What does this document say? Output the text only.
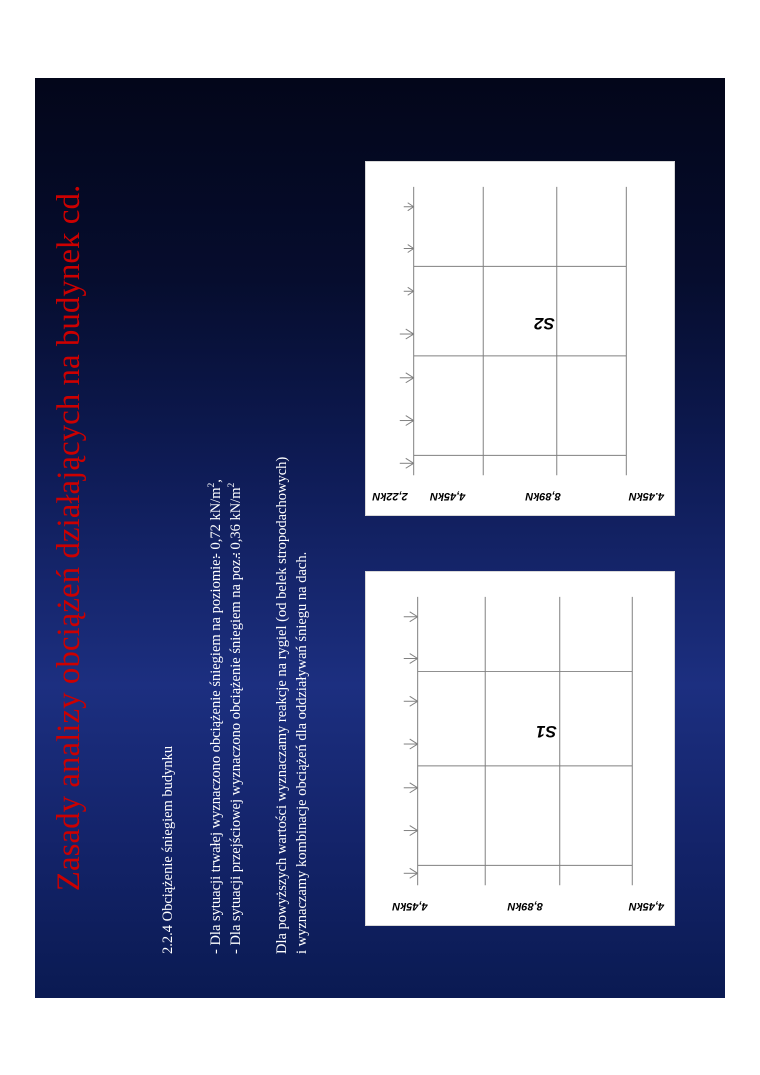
Zasady analizy obciążeń działających na budynek cd.	2.2.4 Obciążenie śniegiem budynku - Dla sytuacji trwałej wyznaczono obciążenie śniegiem na poziomie: - Dla sytuacji przejściowej wyznaczono obciążenie śniegiem na poz.:
- 0,72 $kN/m^2$,
- 0,36 $kN/m^2$	Dla powyższych wartości wyznaczamy reakcje na rygiel (od belek stropodachowych) i wyznaczamy kombinacje obciążeń dla oddziaływań śniegu na dach.	4,45kN
8,89kN
4,45kN
S1
4.45kN
8,89kN
4,45kN
2,22kN
S2
